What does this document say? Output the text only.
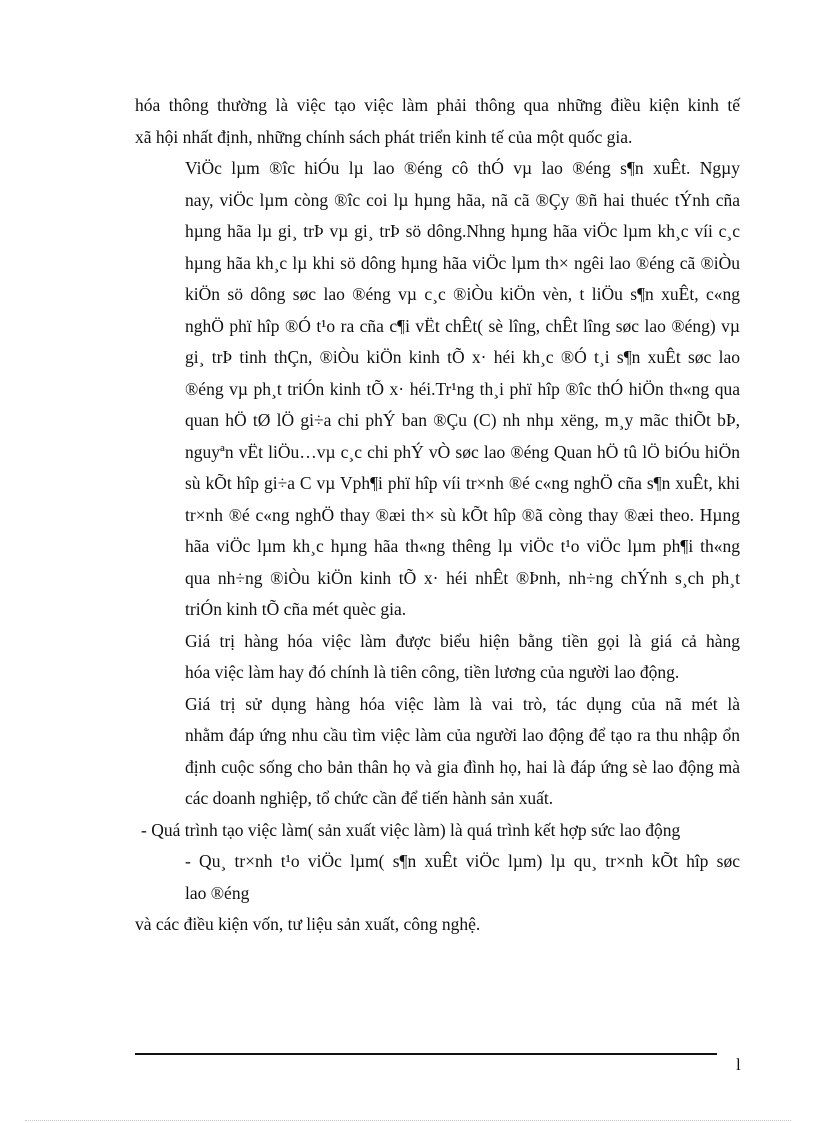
hóa thông thường là việc tạo việc làm phải thông qua những điều kiện kinh tế
xã hội nhất định, những chính sách phát triển kinh tế của một quốc gia.

ViÖc lµm ®îc hiÓu lµ lao ®éng cô thÓ vµ lao ®éng s¶n xuÊt. Ngµy
nay, viÖc lµm còng ®îc coi lµ hµng hãa, nã cã ®Çy ®ñ hai thuéc tÝnh cña
hµng hãa lµ gi¸ trÞ vµ gi¸ trÞ sö dông.Nhng hµng hãa viÖc lµm kh¸c víi c¸c
hµng hãa kh¸c lµ khi sö dông hµng hãa viÖc lµm th× ngêi lao ®éng cã ®iÒu
kiÖn sö dông søc lao ®éng vµ c¸c ®iÒu kiÖn vèn, t liÖu s¶n xuÊt, c«ng
nghÖ phï hîp ®Ó t¹o ra cña c¶i vËt chÊt( sè lîng, chÊt lîng søc lao ®éng) vµ
gi¸ trÞ tinh thÇn, ®iÒu kiÖn kinh tÕ x· héi kh¸c ®Ó t¸i s¶n xuÊt søc lao
®éng vµ ph¸t triÓn kinh tÕ x· héi.Tr¹ng th¸i phï hîp ®îc thÓ hiÖn th«ng qua
quan hÖ tØ lÖ gi÷a chi phÝ ban ®Çu (C) nh nhµ xëng, m¸y mãc thiÕt bÞ,
nguyªn vËt liÖu…vµ c¸c chi phÝ vÒ søc lao ®éng Quan hÖ tû lÖ biÓu hiÖn
sù kÕt hîp gi÷a C vµ Vph¶i phï hîp víi tr×nh ®é c«ng nghÖ cña s¶n xuÊt, khi
tr×nh ®é c«ng nghÖ thay ®æi th× sù kÕt hîp ®ã còng thay ®æi theo. Hµng
hãa viÖc lµm kh¸c hµng hãa th«ng thêng lµ viÖc t¹o viÖc lµm ph¶i th«ng
qua nh÷ng ®iÒu kiÖn kinh tÕ x· héi nhÊt ®Þnh, nh÷ng chÝnh s¸ch ph¸t
triÓn kinh tÕ cña mét quèc gia.

Giá trị hàng hóa việc làm được biểu hiện bằng tiền gọi là giá cả hàng
hóa việc làm hay đó chính là tiên công, tiền lương của người lao động.

Giá trị sử dụng hàng hóa việc làm là vai trò, tác dụng của nã mét là
nhằm đáp ứng nhu cầu tìm việc làm của người lao động để tạo ra thu nhập ổn
định cuộc sống cho bản thân họ và gia đình họ, hai là đáp ứng sè lao động mà
các doanh nghiệp, tổ chức cần để tiến hành sản xuất.

- Quá trình tạo việc làm( sản xuất việc làm) là quá trình kết hợp sức lao động

- Qu¸ tr×nh t¹o viÖc lµm( s¶n xuÊt viÖc lµm) lµ qu¸ tr×nh kÕt hîp søc
lao ®éng

và các điều kiện vốn, tư liệu sản xuất, công nghệ.

l
